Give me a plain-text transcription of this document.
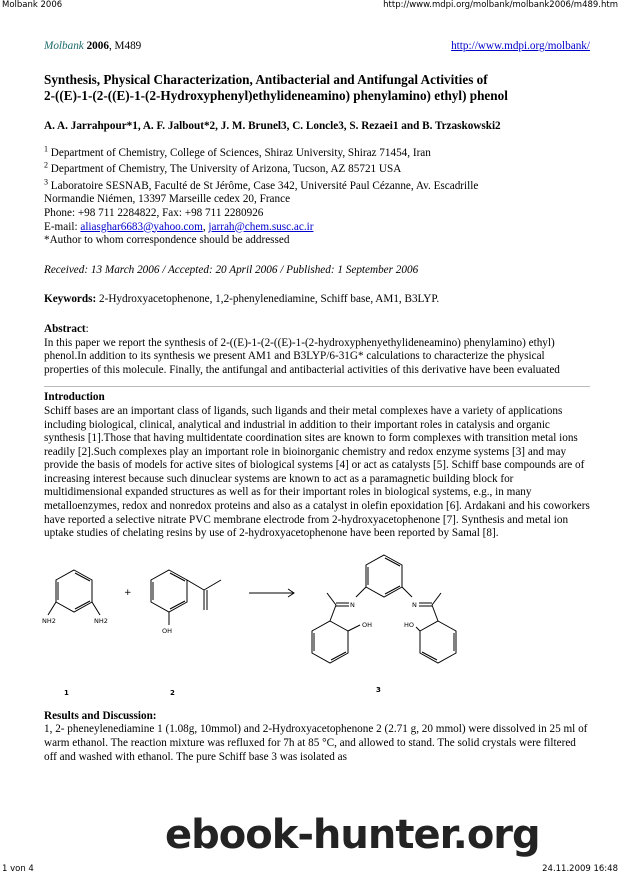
Molbank 2006	http://www.mdpi.org/molbank/molbank2006/m489.htm
Molbank 2006, M489	http://www.mdpi.org/molbank/
Synthesis, Physical Characterization, Antibacterial and Antifungal Activities of
2-((E)-1-(2-((E)-1-(2-Hydroxyphenyl)ethylideneamino) phenylamino) ethyl) phenol
A. A. Jarrahpour*1, A. F. Jalbout*2, J. M. Brunel3, C. Loncle3, S. Rezaei1 and B. Trzaskowski2

$^1$ Department of Chemistry, College of Sciences, Shiraz University, Shiraz 71454, Iran

$^2$ Department of Chemistry, The University of Arizona, Tucson, AZ 85721 USA

$^3$ Laboratoire SESNAB, Faculté de St Jérôme, Case 342, Université Paul Cézanne, Av. Escadrille
Normandie Niémen, 13397 Marseille cedex 20, France

Phone: +98 711 2284822, Fax: +98 711 2280926
E-mail: aliasghar6683@yahoo.com, jarrah@chem.susc.ac.ir
*Author to whom correspondence should be addressed
Received: 13 March 2006 / Accepted: 20 April 2006 / Published: 1 September 2006
Keywords: 2-Hydroxyacetophenone, 1,2-phenylenediamine, Schiff base, AM1, B3LYP.
Abstract:

In this paper we report the synthesis of 2-((E)-1-(2-((E)-1-(2-hydroxyphenyethylideneamino) phenylamino) ethyl) phenol.In addition to its synthesis we present AM1 and B3LYP/6-31G* calculations to characterize the physical properties of this molecule. Finally, the antifungal and antibacterial activities of this derivative have been evaluated

Introduction

Schiff bases are an important class of ligands, such ligands and their metal complexes have a variety of applications including biological, clinical, analytical and industrial in addition to their important roles in catalysis and organic synthesis [1].Those that having multidentate coordination sites are known to form complexes with transition metal ions readily [2].Such complexes play an important role in bioinorganic chemistry and redox enzyme systems [3] and may provide the basis of models for active sites of biological systems [4] or act as catalysts [5]. Schiff base compounds are of increasing interest because such dinuclear systems are known to act as a paramagnetic building block for multidimensional expanded structures as well as for their important roles in biological systems, e.g., in many metalloenzymes, redox and nonredox proteins and also as a catalyst in olefin epoxidation [6]. Ardakani and his coworkers have reported a selective nitrate PVC membrane electrode from 2-hydroxyacetophenone [7]. Synthesis and metal ion uptake studies of chelating resins by use of 2-hydroxyacetophenone have been reported by Samal [8].

NH2	NH2
OH
N	N
OH	HO
1	2	3
+
Results and Discussion:

1, 2- pheneylenediamine 1 (1.08g, 10mmol) and 2-Hydroxyacetophenone 2 (2.71 g, 20 mmol) were dissolved in 25 ml of warm ethanol. The reaction mixture was refluxed for 7h at 85 °C, and allowed to stand. The solid crystals were filtered off and washed with ethanol. The pure Schiff base 3 was isolated as

ebook-hunter.org
1 von 4	24.11.2009 16:48
